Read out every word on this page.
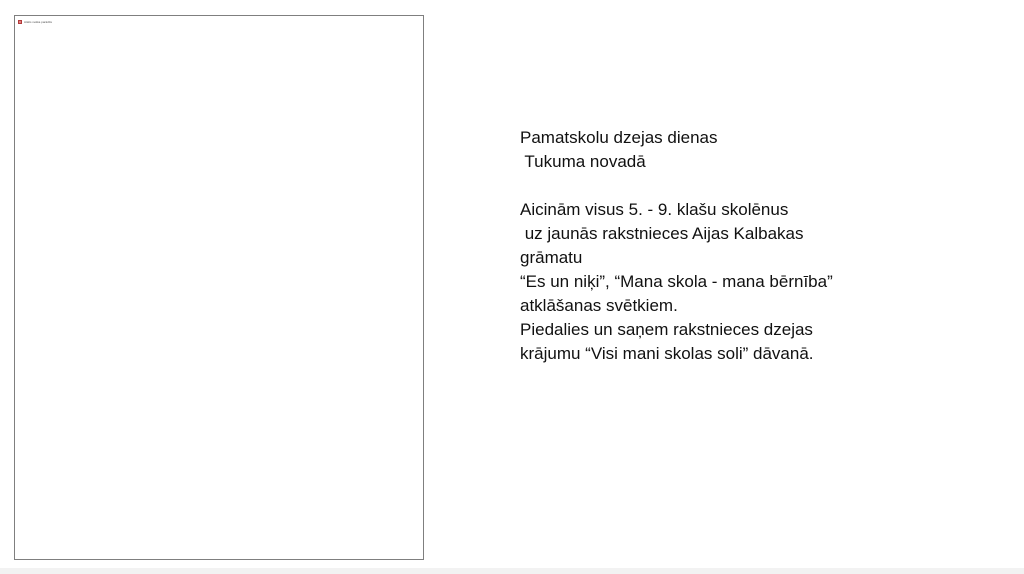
Attēls netika parādīts
Pamatskolu dzejas dienas
Tukuma novadā
Aicinām visus 5. - 9. klašu skolēnus
uz jaunās rakstnieces Aijas Kalbakas
grāmatu
“Es un niķi”, “Mana skola - mana bērnība”
atklāšanas svētkiem.
Piedalies un saņem rakstnieces dzejas
krājumu “Visi mani skolas soli” dāvanā.
